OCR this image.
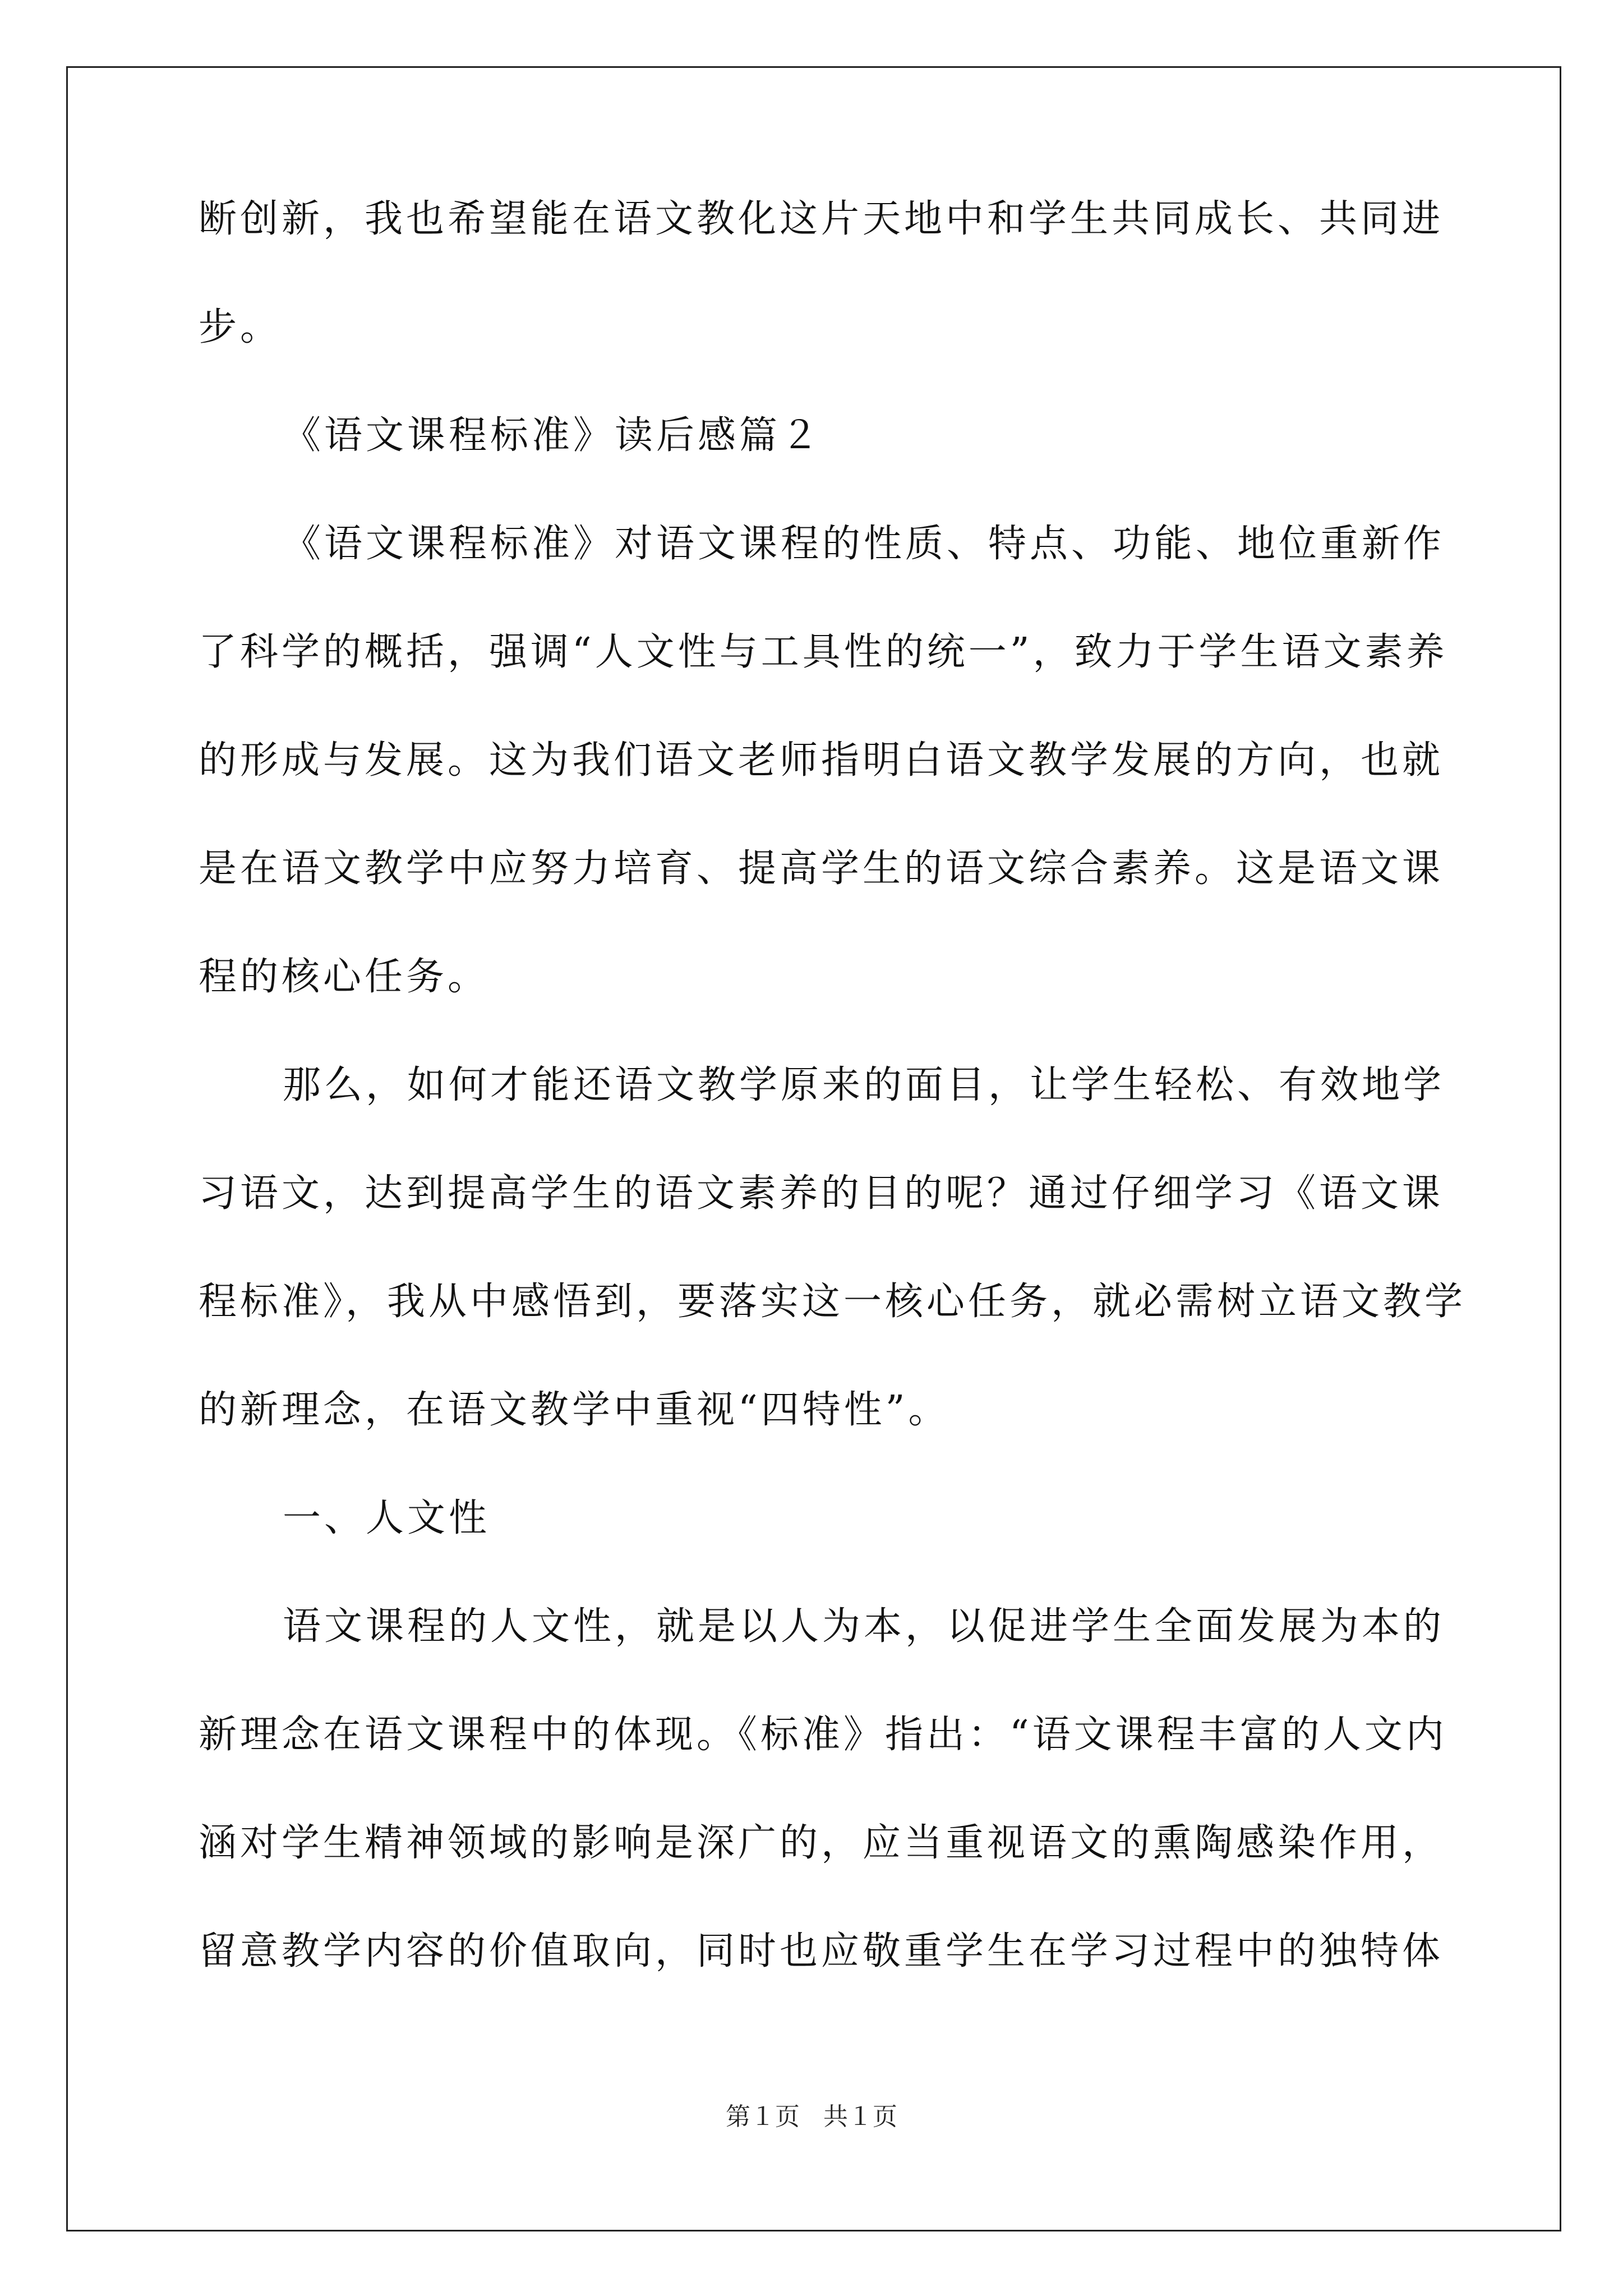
断创新，我也希望能在语文教化这片天地中和学生共同成长、共同进
步。
《语文课程标准》读后感篇２
《语文课程标准》对语文课程的性质、特点、功能、地位重新作
了科学的概括，强调“人文性与工具性的统一”，致力于学生语文素养
的形成与发展。这为我们语文老师指明白语文教学发展的方向，也就
是在语文教学中应努力培育、提高学生的语文综合素养。这是语文课
程的核心任务。
那么，如何才能还语文教学原来的面目，让学生轻松、有效地学
习语文，达到提高学生的语文素养的目的呢？通过仔细学习《语文课
程标准》，我从中感悟到，要落实这一核心任务，就必需树立语文教学
的新理念，在语文教学中重视“四特性”。
一、人文性
语文课程的人文性，就是以人为本，以促进学生全面发展为本的
新理念在语文课程中的体现。《标准》指出：“语文课程丰富的人文内
涵对学生精神领域的影响是深广的，应当重视语文的熏陶感染作用，
留意教学内容的价值取向，同时也应敬重学生在学习过程中的独特体
第１页 共１页
